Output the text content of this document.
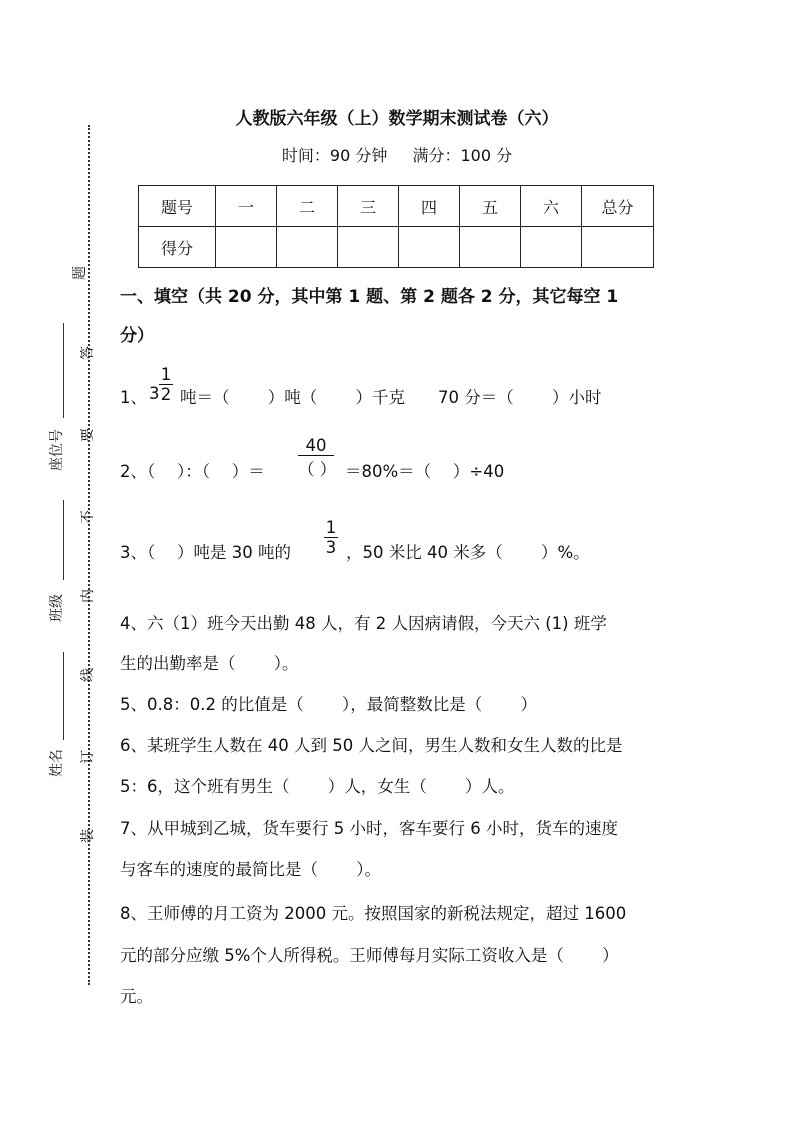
题
答
要
不
内
线
订
装
座位号
班级
姓名
人教版六年级（上）数学期末测试卷（六）
时间：90 分钟 满分：100 分
题号	一	二	三	四	五	六	总分
得分							
一、填空（共 20 分，其中第 1 题、第 2 题各 2 分，其它每空 1
分）
1、 $3 \frac{1}{2}$ 吨＝（　　 ）吨（　　 ）千克　　70 分＝（　　 ）小时
2、（　 ）：（　 ）＝
40
（ ） ＝80%＝（　 ）÷40
3、（　 ）吨是 30 吨的 $\frac{1}{3}$ ，50 米比 40 米多（　　 ）%。
4、六（1）班今天出勤 48 人，有 2 人因病请假，今天六 (1) 班学
生的出勤率是（　　 ）。
5、0.8：0.2 的比值是（　　 ），最简整数比是（　　 ）
6、某班学生人数在 40 人到 50 人之间，男生人数和女生人数的比是
5：6，这个班有男生（　　 ）人，女生（　　 ）人。
7、从甲城到乙城，货车要行 5 小时，客车要行 6 小时，货车的速度
与客车的速度的最简比是（　　 ）。
8、王师傅的月工资为 2000 元。按照国家的新税法规定，超过 1600
元的部分应缴 5%个人所得税。王师傅每月实际工资收入是（　　 ）
元。
